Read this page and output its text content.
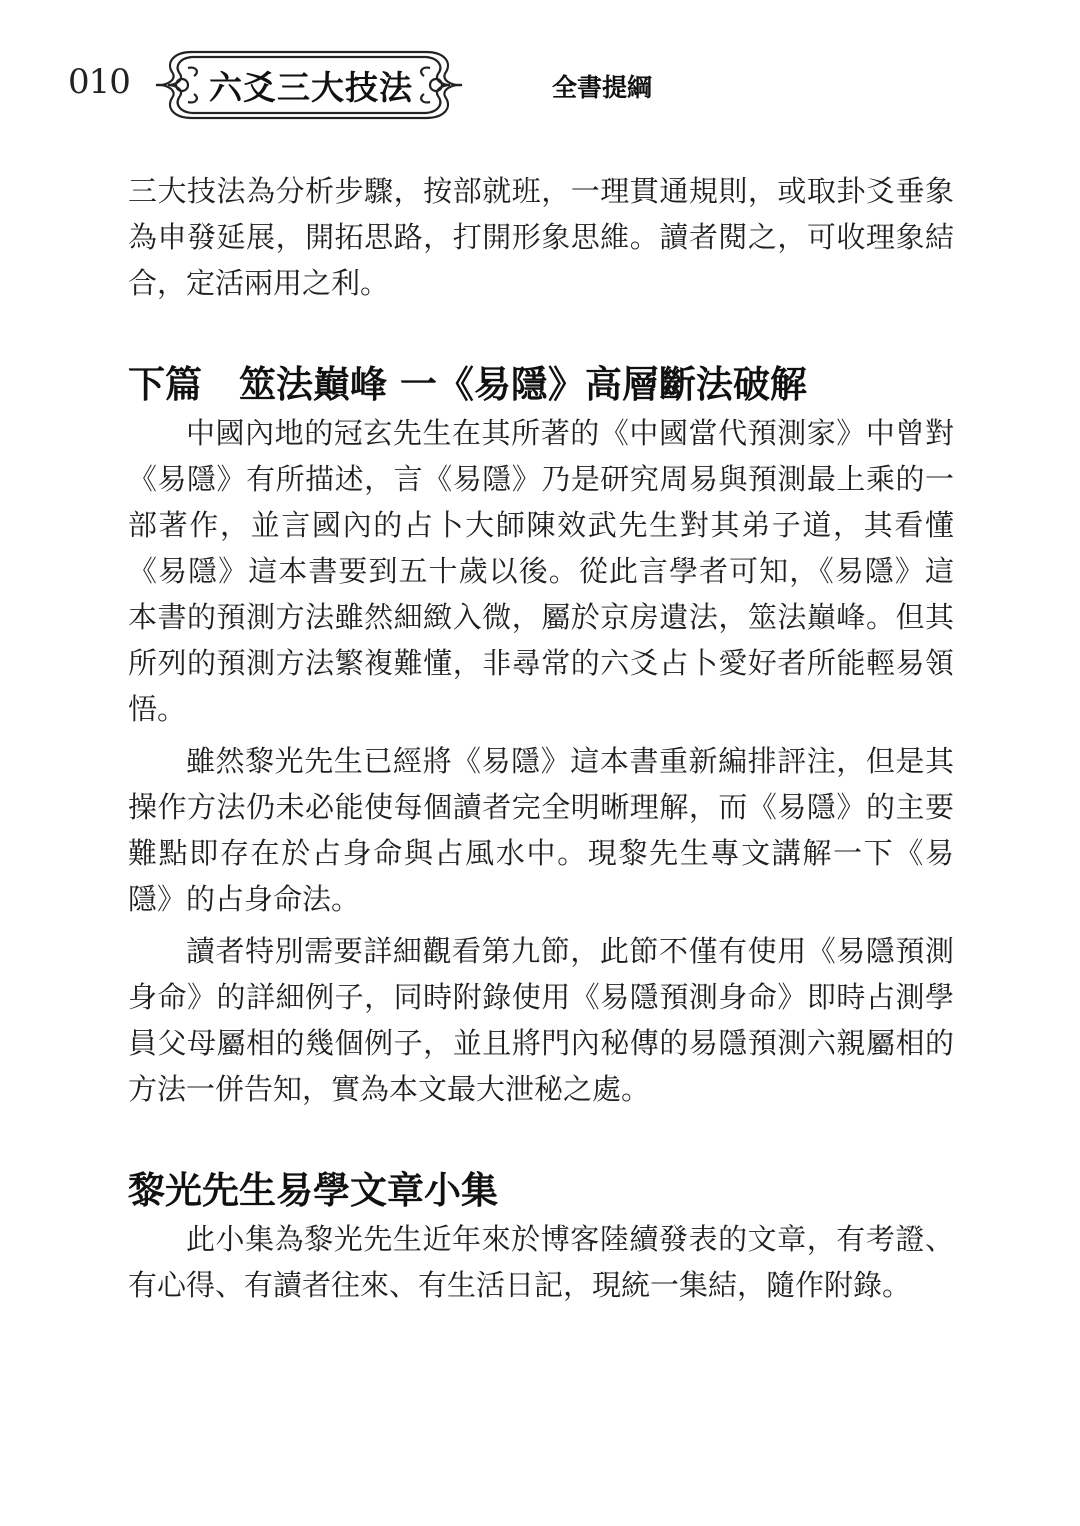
010 六爻三大技法	全書提綱

三大技法為分析步驟，按部就班，一理貫通規則，或取卦爻垂象為申發延展，開拓思路，打開形象思維。讀者閱之，可收理象結合，定活兩用之利。

下篇　筮法巔峰 一《易隱》高層斷法破解

中國內地的冠玄先生在其所著的《中國當代預測家》中曾對《易隱》有所描述，言《易隱》乃是研究周易與預測最上乘的一部著作，並言國內的占卜大師陳效武先生對其弟子道，其看懂《易隱》這本書要到五十歲以後。從此言學者可知，《易隱》這本書的預測方法雖然細緻入微，屬於京房遺法，筮法巔峰。但其所列的預測方法繁複難懂，非尋常的六爻占卜愛好者所能輕易領悟。

雖然黎光先生已經將《易隱》這本書重新編排評注，但是其操作方法仍未必能使每個讀者完全明晰理解，而《易隱》的主要難點即存在於占身命與占風水中。現黎先生專文講解一下《易隱》的占身命法。

讀者特別需要詳細觀看第九節，此節不僅有使用《易隱預測身命》的詳細例子，同時附錄使用《易隱預測身命》即時占測學員父母屬相的幾個例子，並且將門內秘傳的易隱預測六親屬相的方法一併告知，實為本文最大泄秘之處。

黎光先生易學文章小集

此小集為黎光先生近年來於博客陸續發表的文章，有考證、有心得、有讀者往來、有生活日記，現統一集結，隨作附錄。
